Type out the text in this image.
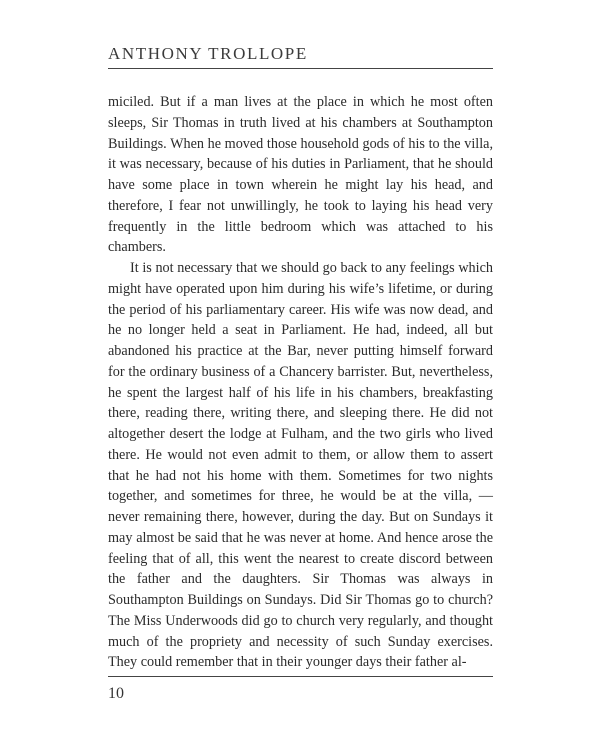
ANTHONY TROLLOPE

miciled. But if a man lives at the place in which he most often sleeps, Sir Thomas in truth lived at his chambers at Southampton Buildings. When he moved those household gods of his to the villa, it was necessary, because of his duties in Parliament, that he should have some place in town wherein he might lay his head, and therefore, I fear not unwillingly, he took to laying his head very frequently in the little bedroom which was attached to his chambers.

It is not necessary that we should go back to any feelings which might have operated upon him during his wife’s lifetime, or during the period of his parliamentary career. His wife was now dead, and he no longer held a seat in Parliament. He had, indeed, all but abandoned his practice at the Bar, never putting himself forward for the ordinary business of a Chancery barrister. But, nevertheless, he spent the largest half of his life in his chambers, breakfasting there, reading there, writing there, and sleeping there. He did not altogether desert the lodge at Fulham, and the two girls who lived there. He would not even admit to them, or allow them to assert that he had not his home with them. Sometimes for two nights together, and sometimes for three, he would be at the villa, — never remaining there, however, during the day. But on Sundays it may almost be said that he was never at home. And hence arose the feeling that of all, this went the nearest to create discord between the father and the daughters. Sir Thomas was always in Southampton Buildings on Sundays. Did Sir Thomas go to church? The Miss Underwoods did go to church very regularly, and thought much of the propriety and necessity of such Sunday exercises. They could remember that in their younger days their father al-

10
